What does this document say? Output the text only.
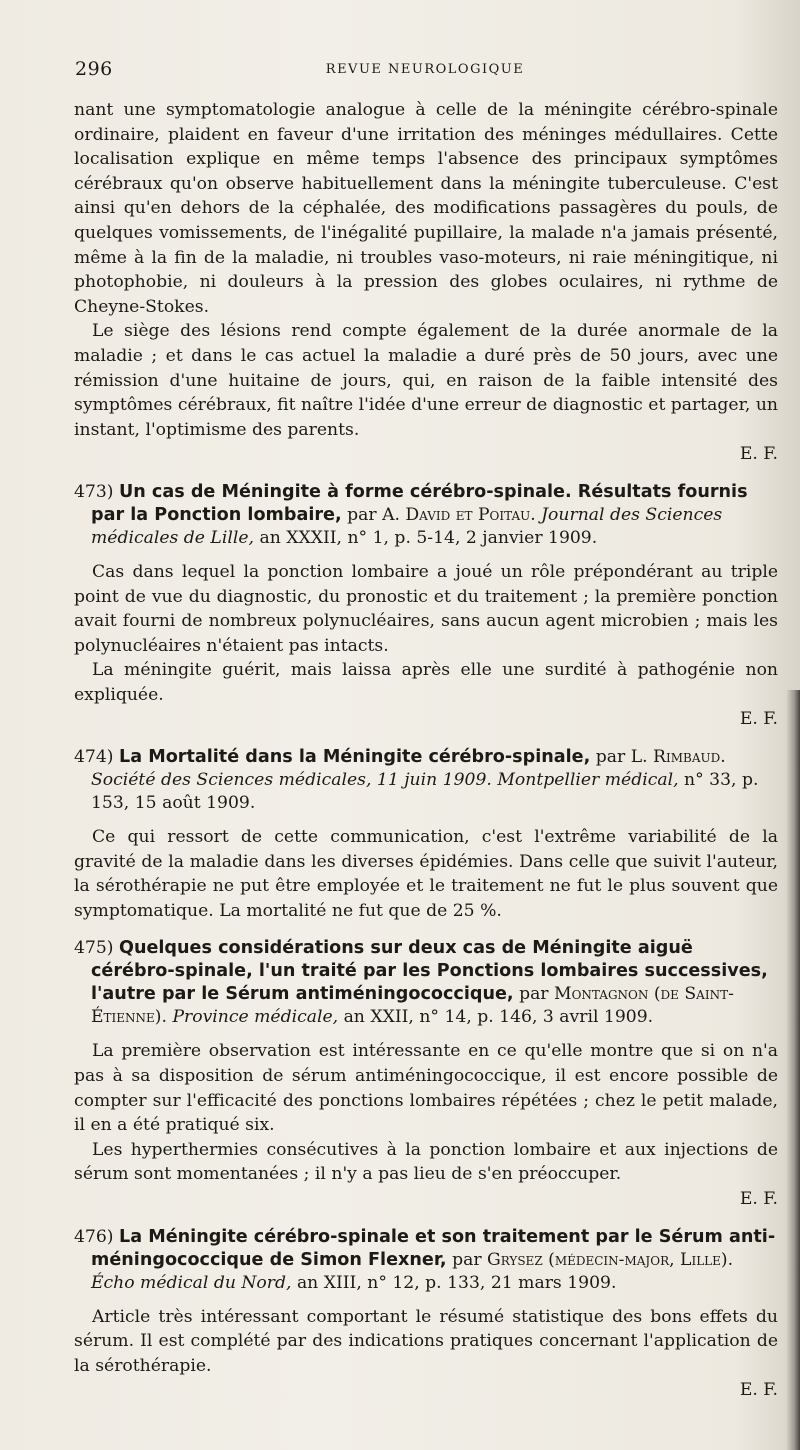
296	REVUE NEUROLOGIQUE

nant une symptomatologie analogue à celle de la méningite cérébro-spinale ordinaire, plaident en faveur d'une irritation des méninges médullaires. Cette localisation explique en même temps l'absence des principaux symptômes cérébraux qu'on observe habituellement dans la méningite tuberculeuse. C'est ainsi qu'en dehors de la céphalée, des modifications passagères du pouls, de quelques vomissements, de l'inégalité pupillaire, la malade n'a jamais présenté, même à la fin de la maladie, ni troubles vaso-moteurs, ni raie méningitique, ni photophobie, ni douleurs à la pression des globes oculaires, ni rythme de Cheyne-Stokes.

Le siège des lésions rend compte également de la durée anormale de la maladie ; et dans le cas actuel la maladie a duré près de 50 jours, avec une rémission d'une huitaine de jours, qui, en raison de la faible intensité des symptômes cérébraux, fit naître l'idée d'une erreur de diagnostic et partager, un instant, l'optimisme des parents.

E. F.

473) Un cas de Méningite à forme cérébro-spinale. Résultats fournis par la Ponction lombaire, par A. David et Poitau. Journal des Sciences médicales de Lille, an XXXII, n° 1, p. 5-14, 2 janvier 1909.

Cas dans lequel la ponction lombaire a joué un rôle prépondérant au triple point de vue du diagnostic, du pronostic et du traitement ; la première ponction avait fourni de nombreux polynucléaires, sans aucun agent microbien ; mais les polynucléaires n'étaient pas intacts.

La méningite guérit, mais laissa après elle une surdité à pathogénie non expliquée.

E. F.

474) La Mortalité dans la Méningite cérébro-spinale, par L. Rimbaud. Société des Sciences médicales, 11 juin 1909. Montpellier médical, n° 33, p. 153, 15 août 1909.

Ce qui ressort de cette communication, c'est l'extrême variabilité de la gravité de la maladie dans les diverses épidémies. Dans celle que suivit l'auteur, la sérothérapie ne put être employée et le traitement ne fut le plus souvent que symptomatique. La mortalité ne fut que de 25 %.

475) Quelques considérations sur deux cas de Méningite aiguë cérébro-spinale, l'un traité par les Ponctions lombaires successives, l'autre par le Sérum antiméningococcique, par Montagnon (de Saint-Étienne). Province médicale, an XXII, n° 14, p. 146, 3 avril 1909.

La première observation est intéressante en ce qu'elle montre que si on n'a pas à sa disposition de sérum antiméningococcique, il est encore possible de compter sur l'efficacité des ponctions lombaires répétées ; chez le petit malade, il en a été pratiqué six.

Les hyperthermies consécutives à la ponction lombaire et aux injections de sérum sont momentanées ; il n'y a pas lieu de s'en préoccuper.

E. F.

476) La Méningite cérébro-spinale et son traitement par le Sérum anti-méningococcique de Simon Flexner, par Grysez (médecin-major, Lille). Écho médical du Nord, an XIII, n° 12, p. 133, 21 mars 1909.

Article très intéressant comportant le résumé statistique des bons effets du sérum. Il est complété par des indications pratiques concernant l'application de la sérothérapie.

E. F.
